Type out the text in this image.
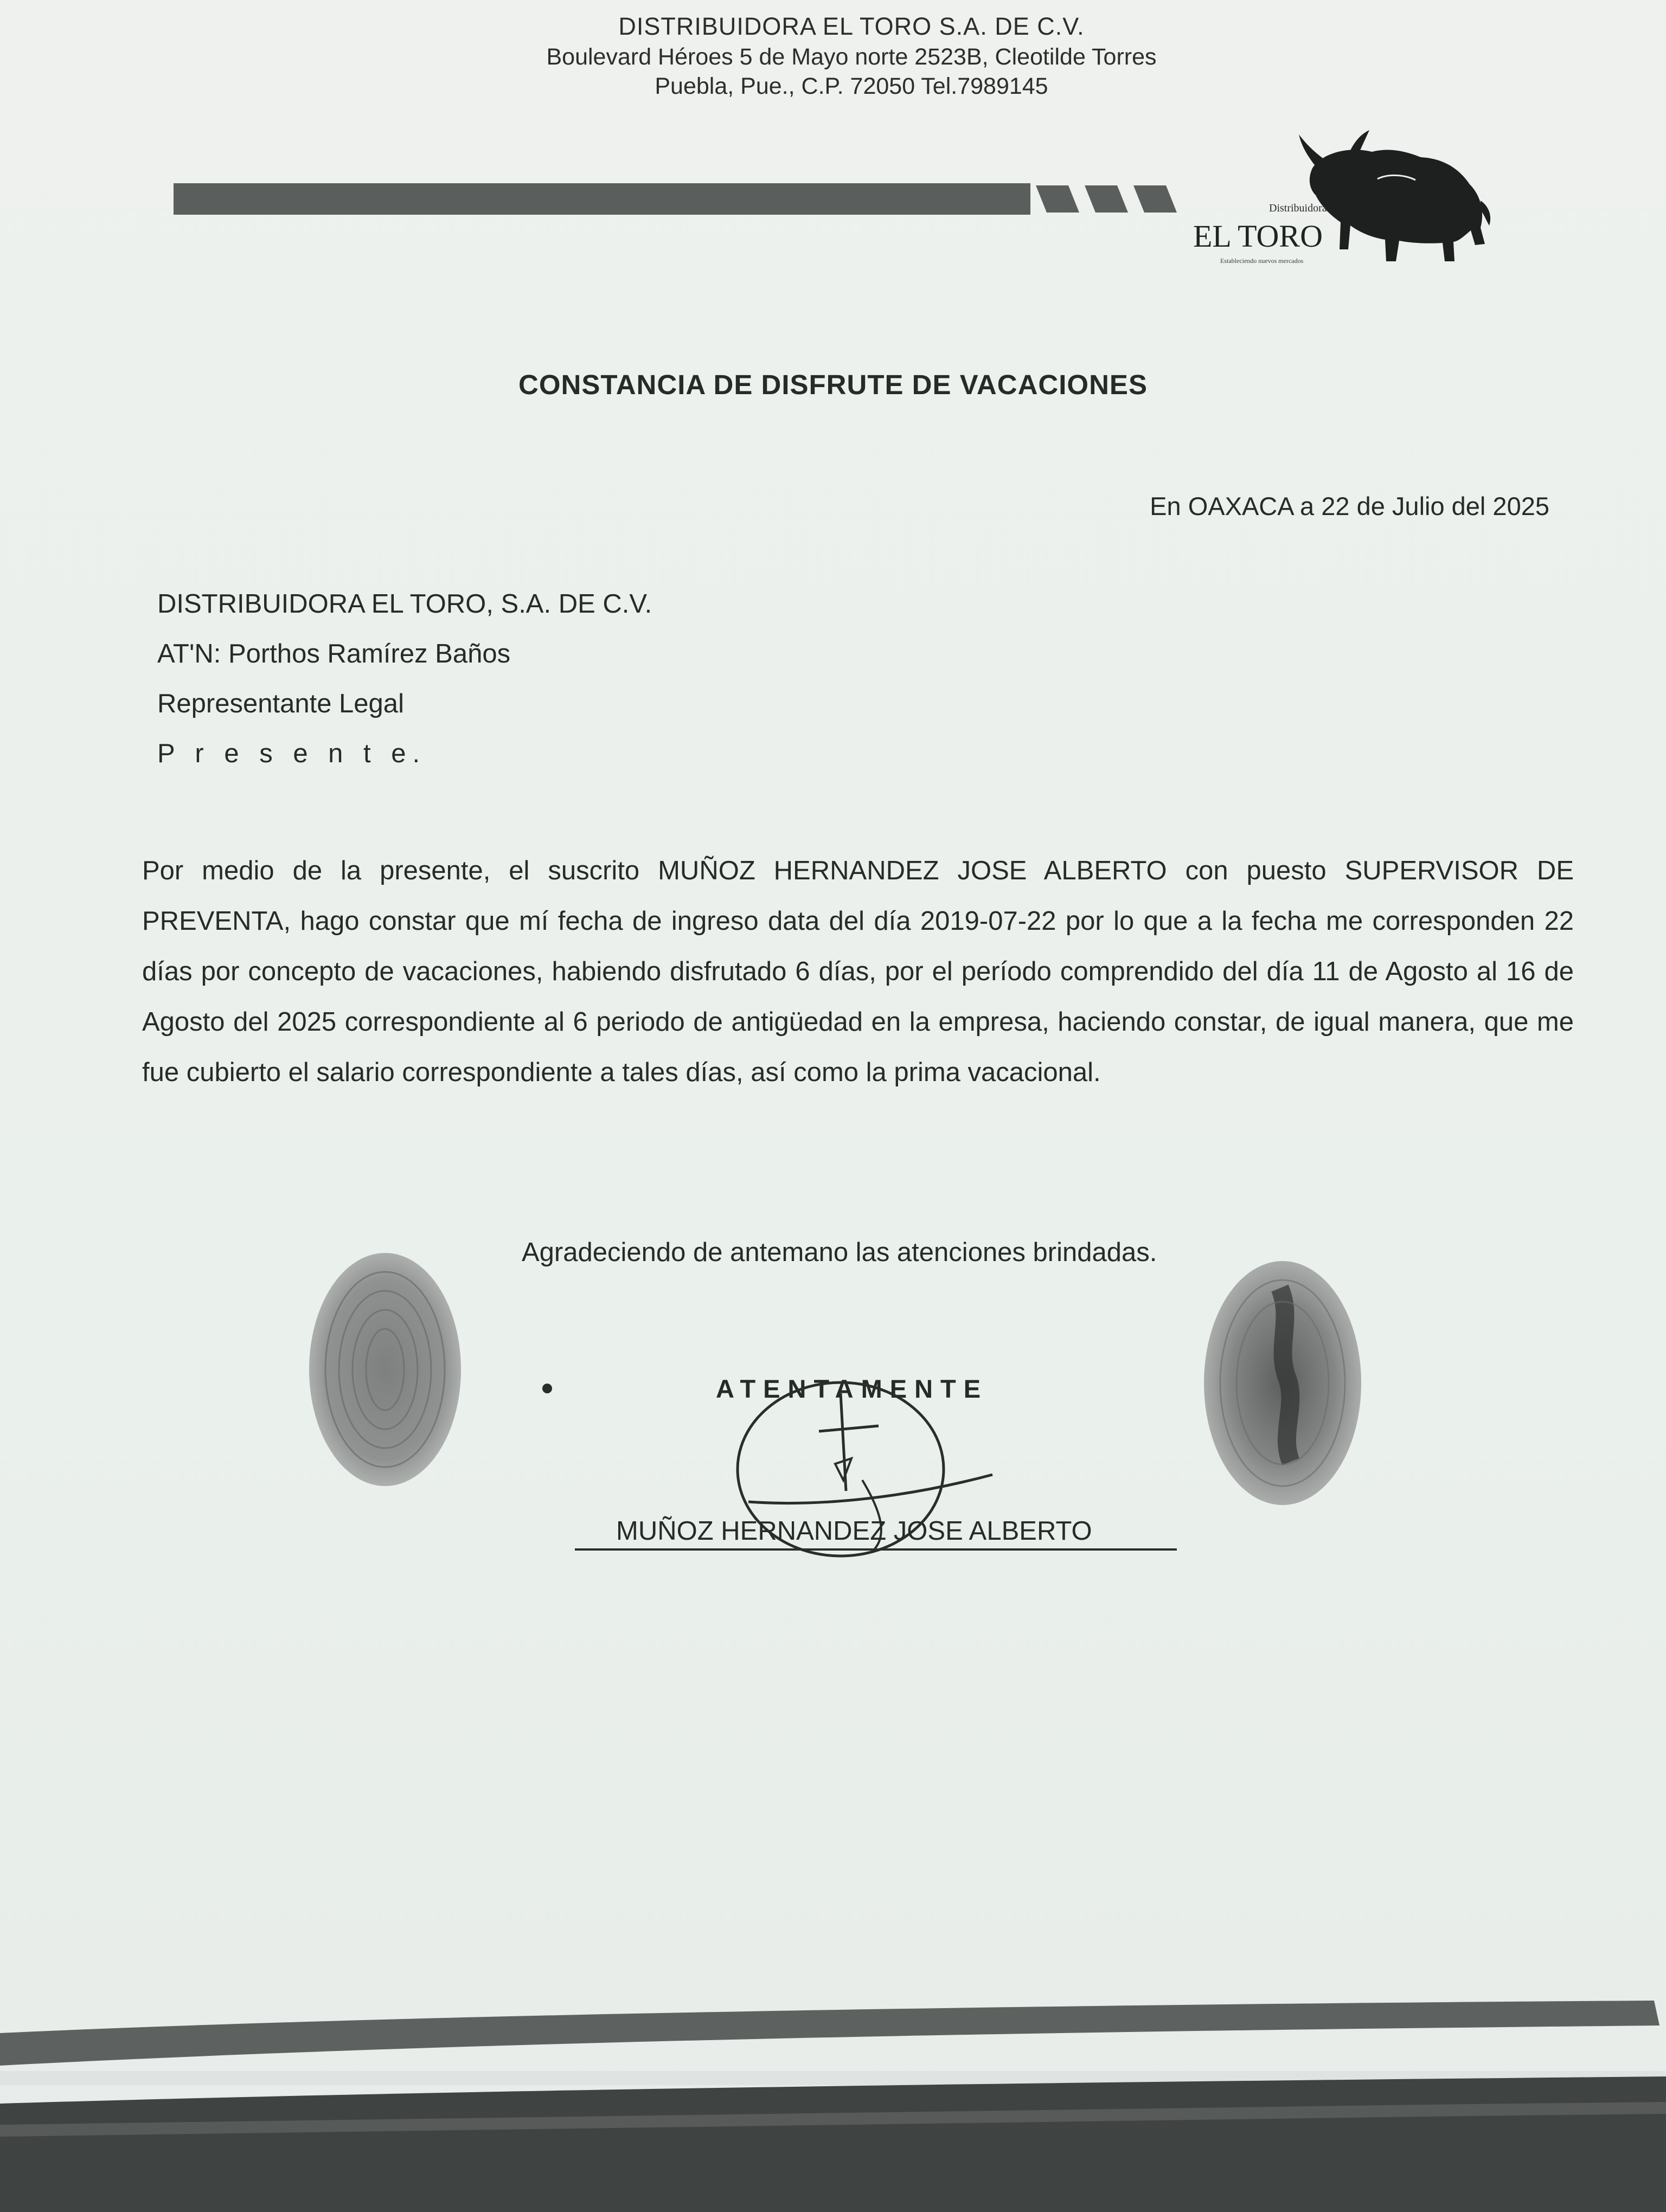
DISTRIBUIDORA EL TORO S.A. DE C.V.
Boulevard Héroes 5 de Mayo norte 2523B, Cleotilde Torres
Puebla, Pue., C.P. 72050 Tel.7989145
Distribuidora
EL TORO
Estableciendo nuevos mercados
CONSTANCIA DE DISFRUTE DE VACACIONES
En OAXACA a 22 de Julio del 2025
DISTRIBUIDORA EL TORO, S.A. DE C.V.
AT'N: Porthos Ramírez Baños
Representante Legal
P r e s e n t e.
Por medio de la presente, el suscrito MUÑOZ HERNANDEZ JOSE ALBERTO con puesto SUPERVISOR DE PREVENTA, hago constar que mí fecha de ingreso data del día 2019-07-22 por lo que a la fecha me corresponden 22 días por concepto de vacaciones, habiendo disfrutado 6 días, por el período comprendido del día 11 de Agosto al 16 de Agosto del 2025 correspondiente al 6 periodo de antigüedad en la empresa, haciendo constar, de igual manera, que me fue cubierto el salario correspondiente a tales días, así como la prima vacacional.
Agradeciendo de antemano las atenciones brindadas.
ATENTAMENTE
MUÑOZ HERNANDEZ JOSE ALBERTO
